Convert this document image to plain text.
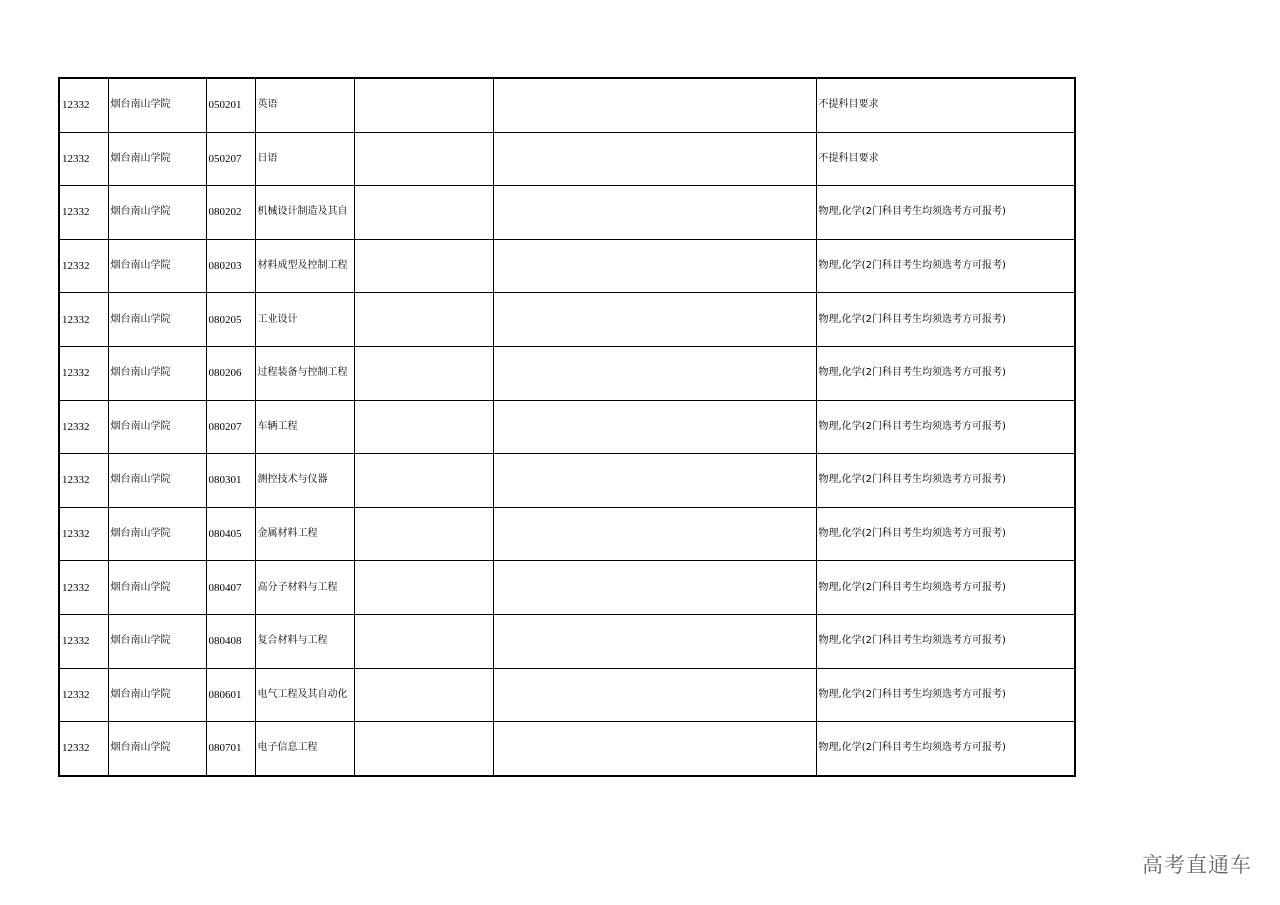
12332	烟台南山学院	050201	英语			不提科目要求
12332	烟台南山学院	050207	日语			不提科目要求
12332	烟台南山学院	080202	机械设计制造及其自			物理,化学(2门科目考生均须选考方可报考)
12332	烟台南山学院	080203	材料成型及控制工程			物理,化学(2门科目考生均须选考方可报考)
12332	烟台南山学院	080205	工业设计			物理,化学(2门科目考生均须选考方可报考)
12332	烟台南山学院	080206	过程装备与控制工程			物理,化学(2门科目考生均须选考方可报考)
12332	烟台南山学院	080207	车辆工程			物理,化学(2门科目考生均须选考方可报考)
12332	烟台南山学院	080301	测控技术与仪器			物理,化学(2门科目考生均须选考方可报考)
12332	烟台南山学院	080405	金属材料工程			物理,化学(2门科目考生均须选考方可报考)
12332	烟台南山学院	080407	高分子材料与工程			物理,化学(2门科目考生均须选考方可报考)
12332	烟台南山学院	080408	复合材料与工程			物理,化学(2门科目考生均须选考方可报考)
12332	烟台南山学院	080601	电气工程及其自动化			物理,化学(2门科目考生均须选考方可报考)
12332	烟台南山学院	080701	电子信息工程			物理,化学(2门科目考生均须选考方可报考)
高考直通车
